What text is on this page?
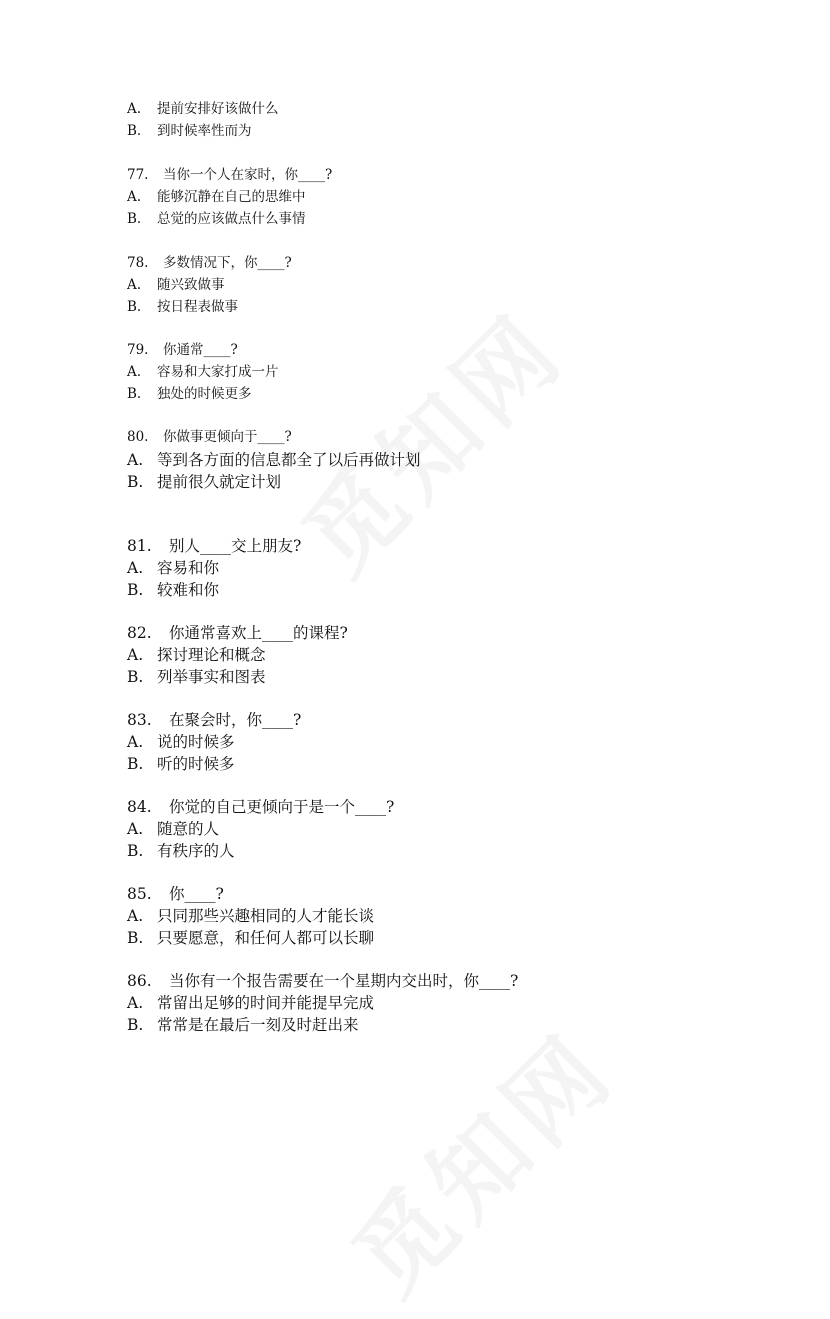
A. 提前安排好该做什么
B. 到时候率性而为
77. 当你一个人在家时，你____?
A. 能够沉静在自己的思维中
B. 总觉的应该做点什么事情
78. 多数情况下，你____?
A. 随兴致做事
B. 按日程表做事
79. 你通常____?
A. 容易和大家打成一片
B. 独处的时候更多
80. 你做事更倾向于____?
A. 等到各方面的信息都全了以后再做计划
B. 提前很久就定计划
81. 别人____交上朋友?
A. 容易和你
B. 较难和你
82. 你通常喜欢上____的课程?
A. 探讨理论和概念
B. 列举事实和图表
83. 在聚会时，你____?
A. 说的时候多
B. 听的时候多
84. 你觉的自己更倾向于是一个____?
A. 随意的人
B. 有秩序的人
85. 你____?
A. 只同那些兴趣相同的人才能长谈
B. 只要愿意，和任何人都可以长聊
86. 当你有一个报告需要在一个星期内交出时，你____?
A. 常留出足够的时间并能提早完成
B. 常常是在最后一刻及时赶出来
